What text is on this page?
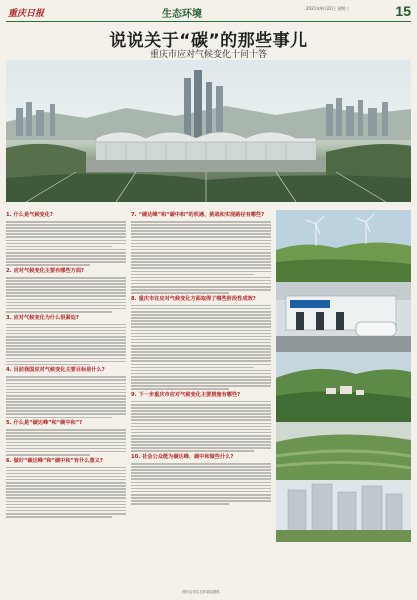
重庆日报	生态环境
2021年9月22日 星期三	15
说说关于“碳”的那些事儿
重庆市应对气候变化十问十答
1. 什么是气候变化?
2. 应对气候变化主要有哪些方面?
3. 应对气候变化为什么很紧迫?
4. 目前我国应对气候变化主要目标是什么?
5. 什么是“碳达峰”和“碳中和”?
6. 做好“碳达峰”和“碳中和”有什么意义?
7. “碳达峰”和“碳中和”的机遇、挑战和实现路径有哪些?
8. 重庆市在应对气候变化方面取得了哪些阶段性成效?
9. 下一步重庆市应对气候变化主要措施有哪些?
10. 社会公众能为碳达峰、碳中和做些什么?
图片由市生态环境局提供
